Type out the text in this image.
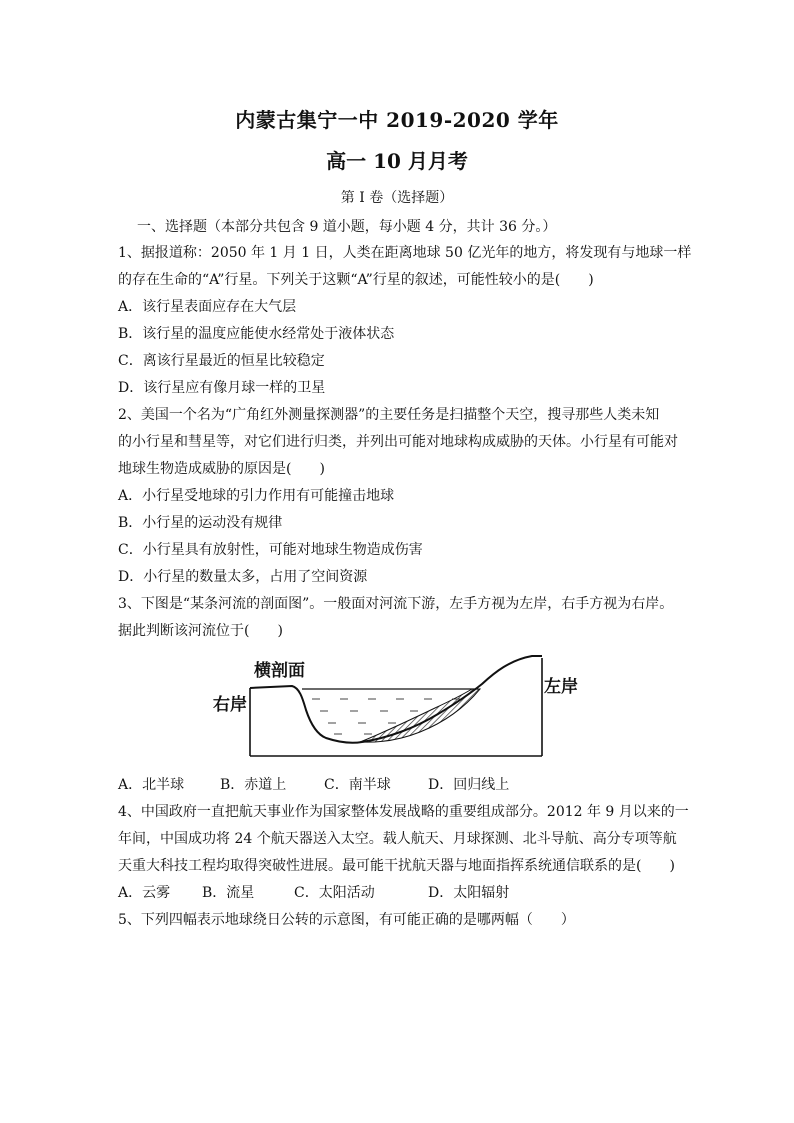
内蒙古集宁一中 2019-2020 学年
高一 10 月月考
第 I 卷（选择题）
一、选择题（本部分共包含 9 道小题，每小题 4 分，共计 36 分。）
1、据报道称：2050 年 1 月 1 日，人类在距离地球 50 亿光年的地方，将发现有与地球一样
的存在生命的“A”行星。下列关于这颗“A”行星的叙述，可能性较小的是(　　)
A．该行星表面应存在大气层
B．该行星的温度应能使水经常处于液体状态
C．离该行星最近的恒星比较稳定
D．该行星应有像月球一样的卫星
2、美国一个名为“广角红外测量探测器”的主要任务是扫描整个天空，搜寻那些人类未知
的小行星和彗星等，对它们进行归类，并列出可能对地球构成威胁的天体。小行星有可能对
地球生物造成威胁的原因是(　　)
A．小行星受地球的引力作用有可能撞击地球
B．小行星的运动没有规律
C．小行星具有放射性，可能对地球生物造成伤害
D．小行星的数量太多，占用了空间资源
3、下图是“某条河流的剖面图”。一般面对河流下游，左手方视为左岸，右手方视为右岸。
据此判断该河流位于(　　)
横剖面
右岸
左岸
A．北半球	B．赤道上	C．南半球	D．回归线上
4、中国政府一直把航天事业作为国家整体发展战略的重要组成部分。2012 年 9 月以来的一
年间，中国成功将 24 个航天器送入太空。载人航天、月球探测、北斗导航、高分专项等航
天重大科技工程均取得突破性进展。最可能干扰航天器与地面指挥系统通信联系的是(　　)
A．云雾 B．流星	C．太阳活动	D．太阳辐射
5、下列四幅表示地球绕日公转的示意图，有可能正确的是哪两幅（　　）
